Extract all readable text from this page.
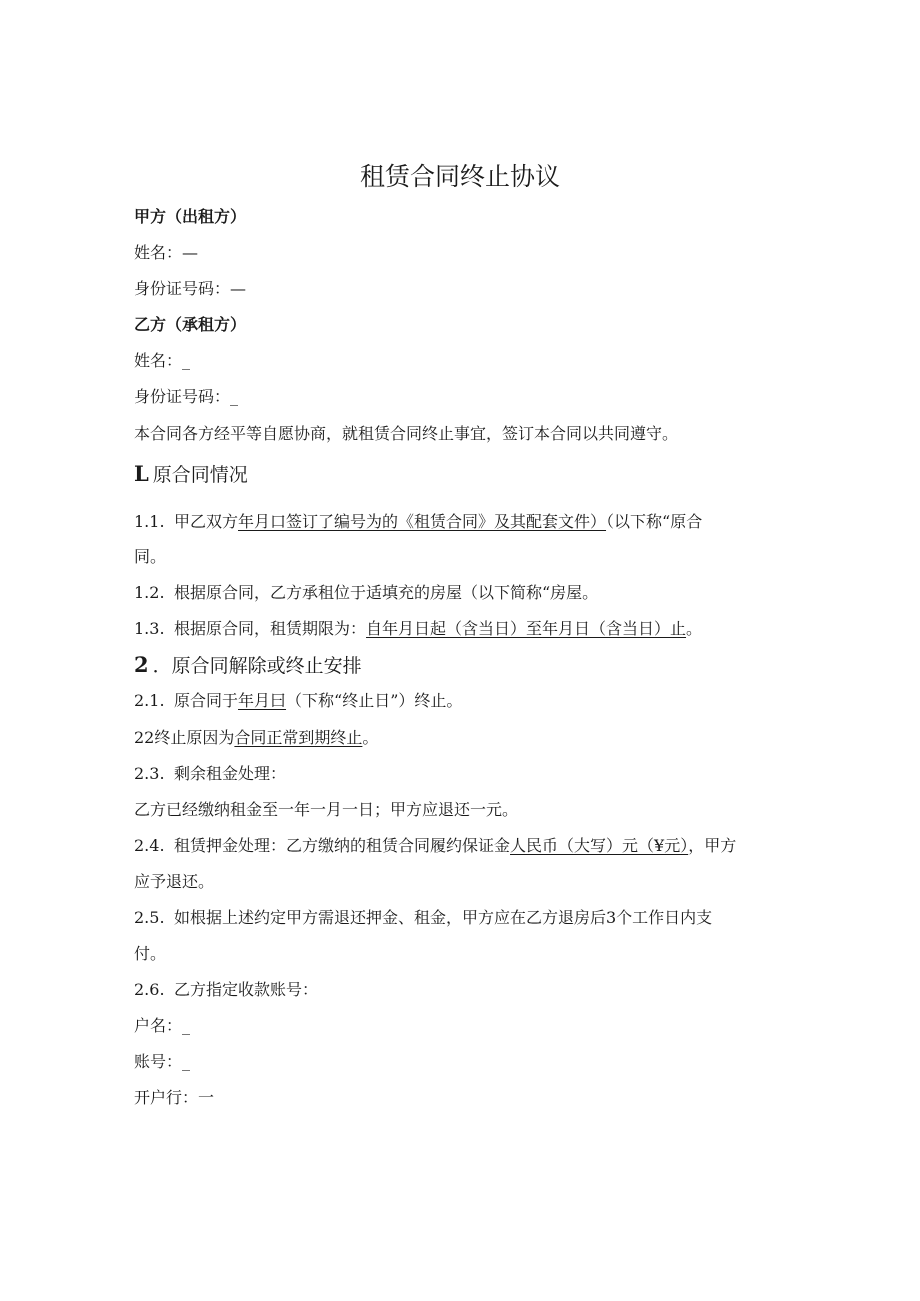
租赁合同终止协议
甲方（出租方）
姓名：—
身份证号码：—
乙方（承租方）
姓名：_
身份证号码：_
本合同各方经平等自愿协商，就租赁合同终止事宜，签订本合同以共同遵守。
L 原合同情况
1.1. 甲乙双方年月口签订了编号为的《租赁合同》及其配套文件）（以下称“原合
同。
1.2. 根据原合同，乙方承租位于适填充的房屋（以下简称“房屋。
1.3. 根据原合同，租赁期限为：自年月日起（含当日）至年月日（含当日）止。
2 ．原合同解除或终止安排
2.1. 原合同于年月曰（下称“终止日”）终止。
22终止原因为合同正常到期终止。
2.3. 剩余租金处理：
乙方已经缴纳租金至一年一月一日；甲方应退还一元。
2.4. 租赁押金处理：乙方缴纳的租赁合同履约保证金人民币（大写）元（¥元），甲方
应予退还。
2.5. 如根据上述约定甲方需退还押金、租金，甲方应在乙方退房后3个工作日内支
付。
2.6. 乙方指定收款账号：
户名：_
账号：_
开户行：一
